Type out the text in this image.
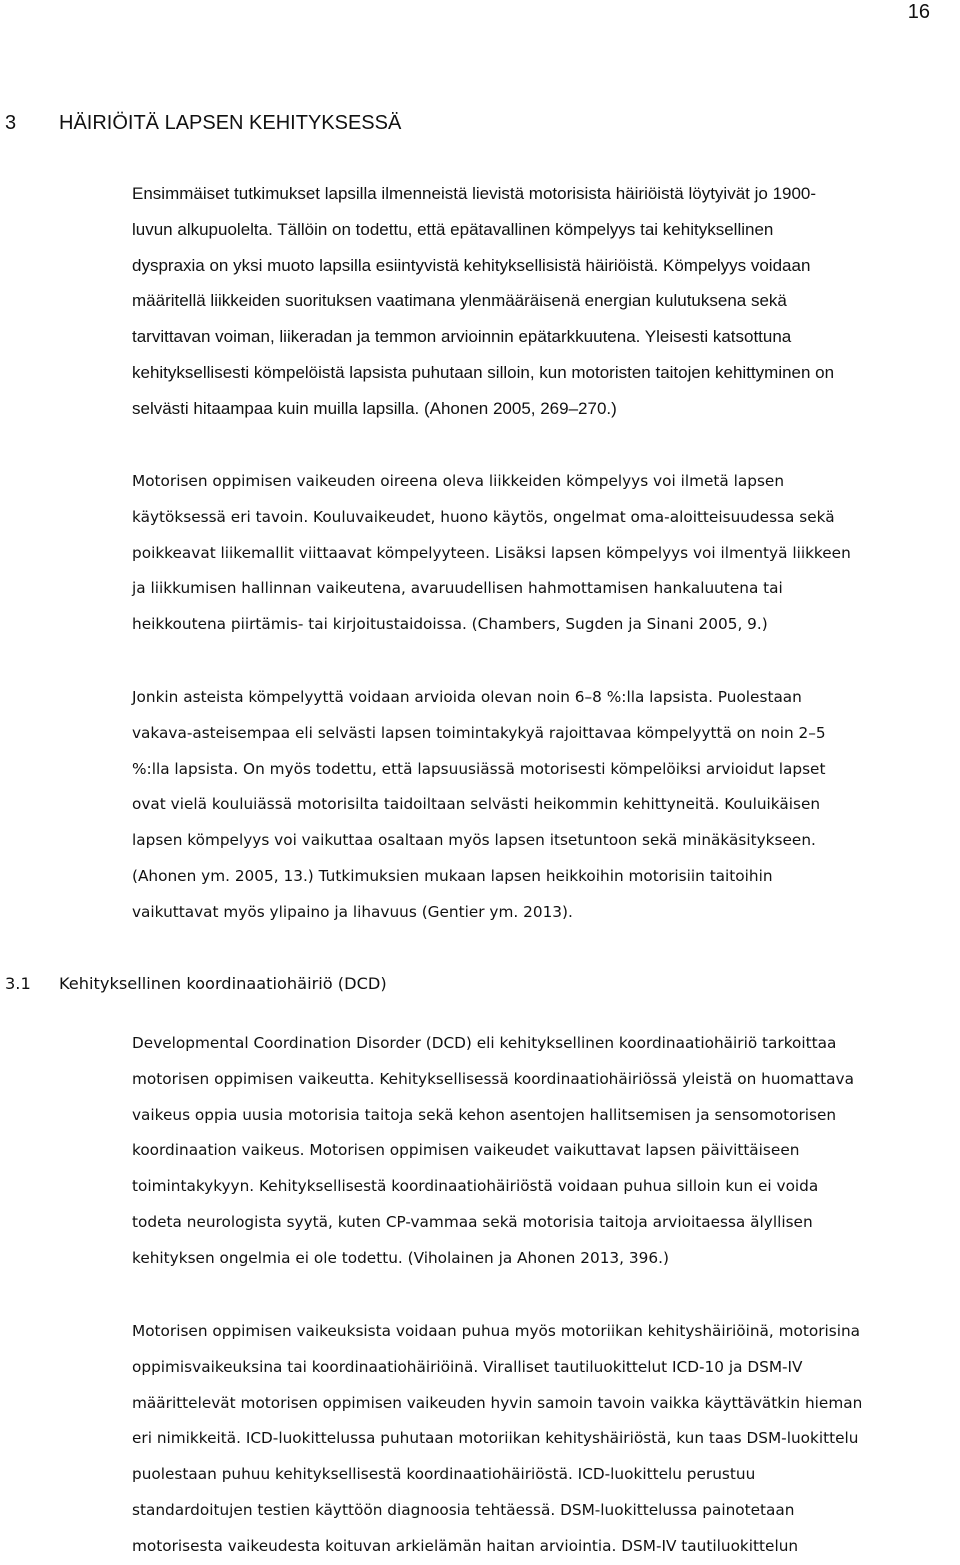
16
3 HÄIRIÖITÄ LAPSEN KEHITYKSESSÄ
Ensimmäiset tutkimukset lapsilla ilmenneistä lievistä motorisista häiriöistä löytyivät jo 1900-
luvun alkupuolelta. Tällöin on todettu, että epätavallinen kömpelyys tai kehityksellinen
dyspraxia on yksi muoto lapsilla esiintyvistä kehityksellisistä häiriöistä. Kömpelyys voidaan
määritellä liikkeiden suorituksen vaatimana ylenmääräisenä energian kulutuksena sekä
tarvittavan voiman, liikeradan ja temmon arvioinnin epätarkkuutena. Yleisesti katsottuna
kehityksellisesti kömpelöistä lapsista puhutaan silloin, kun motoristen taitojen kehittyminen on
selvästi hitaampaa kuin muilla lapsilla. (Ahonen 2005, 269–270.)
Motorisen oppimisen vaikeuden oireena oleva liikkeiden kömpelyys voi ilmetä lapsen
käytöksessä eri tavoin. Kouluvaikeudet, huono käytös, ongelmat oma-aloitteisuudessa sekä
poikkeavat liikemallit viittaavat kömpelyyteen. Lisäksi lapsen kömpelyys voi ilmentyä liikkeen
ja liikkumisen hallinnan vaikeutena, avaruudellisen hahmottamisen hankaluutena tai
heikkoutena piirtämis- tai kirjoitustaidoissa. (Chambers, Sugden ja Sinani 2005, 9.)
Jonkin asteista kömpelyyttä voidaan arvioida olevan noin 6–8 %:lla lapsista. Puolestaan
vakava-asteisempaa eli selvästi lapsen toimintakykyä rajoittavaa kömpelyyttä on noin 2–5
%:lla lapsista. On myös todettu, että lapsuusiässä motorisesti kömpelöiksi arvioidut lapset
ovat vielä kouluiässä motorisilta taidoiltaan selvästi heikommin kehittyneitä. Kouluikäisen
lapsen kömpelyys voi vaikuttaa osaltaan myös lapsen itsetuntoon sekä minäkäsitykseen.
(Ahonen ym. 2005, 13.) Tutkimuksien mukaan lapsen heikkoihin motorisiin taitoihin
vaikuttavat myös ylipaino ja lihavuus (Gentier ym. 2013).
3.1 Kehityksellinen koordinaatiohäiriö (DCD)
Developmental Coordination Disorder (DCD) eli kehityksellinen koordinaatiohäiriö tarkoittaa
motorisen oppimisen vaikeutta. Kehityksellisessä koordinaatiohäiriössä yleistä on huomattava
vaikeus oppia uusia motorisia taitoja sekä kehon asentojen hallitsemisen ja sensomotorisen
koordinaation vaikeus. Motorisen oppimisen vaikeudet vaikuttavat lapsen päivittäiseen
toimintakykyyn. Kehityksellisestä koordinaatiohäiriöstä voidaan puhua silloin kun ei voida
todeta neurologista syytä, kuten CP-vammaa sekä motorisia taitoja arvioitaessa älyllisen
kehityksen ongelmia ei ole todettu. (Viholainen ja Ahonen 2013, 396.)
Motorisen oppimisen vaikeuksista voidaan puhua myös motoriikan kehityshäiriöinä, motorisina
oppimisvaikeuksina tai koordinaatiohäiriöinä. Viralliset tautiluokittelut ICD-10 ja DSM-IV
määrittelevät motorisen oppimisen vaikeuden hyvin samoin tavoin vaikka käyttävätkin hieman
eri nimikkeitä. ICD-luokittelussa puhutaan motoriikan kehityshäiriöstä, kun taas DSM-luokittelu
puolestaan puhuu kehityksellisestä koordinaatiohäiriöstä. ICD-luokittelu perustuu
standardoitujen testien käyttöön diagnoosia tehtäessä. DSM-luokittelussa painotetaan
motorisesta vaikeudesta koituvan arkielämän haitan arviointia. DSM-IV tautiluokittelun
